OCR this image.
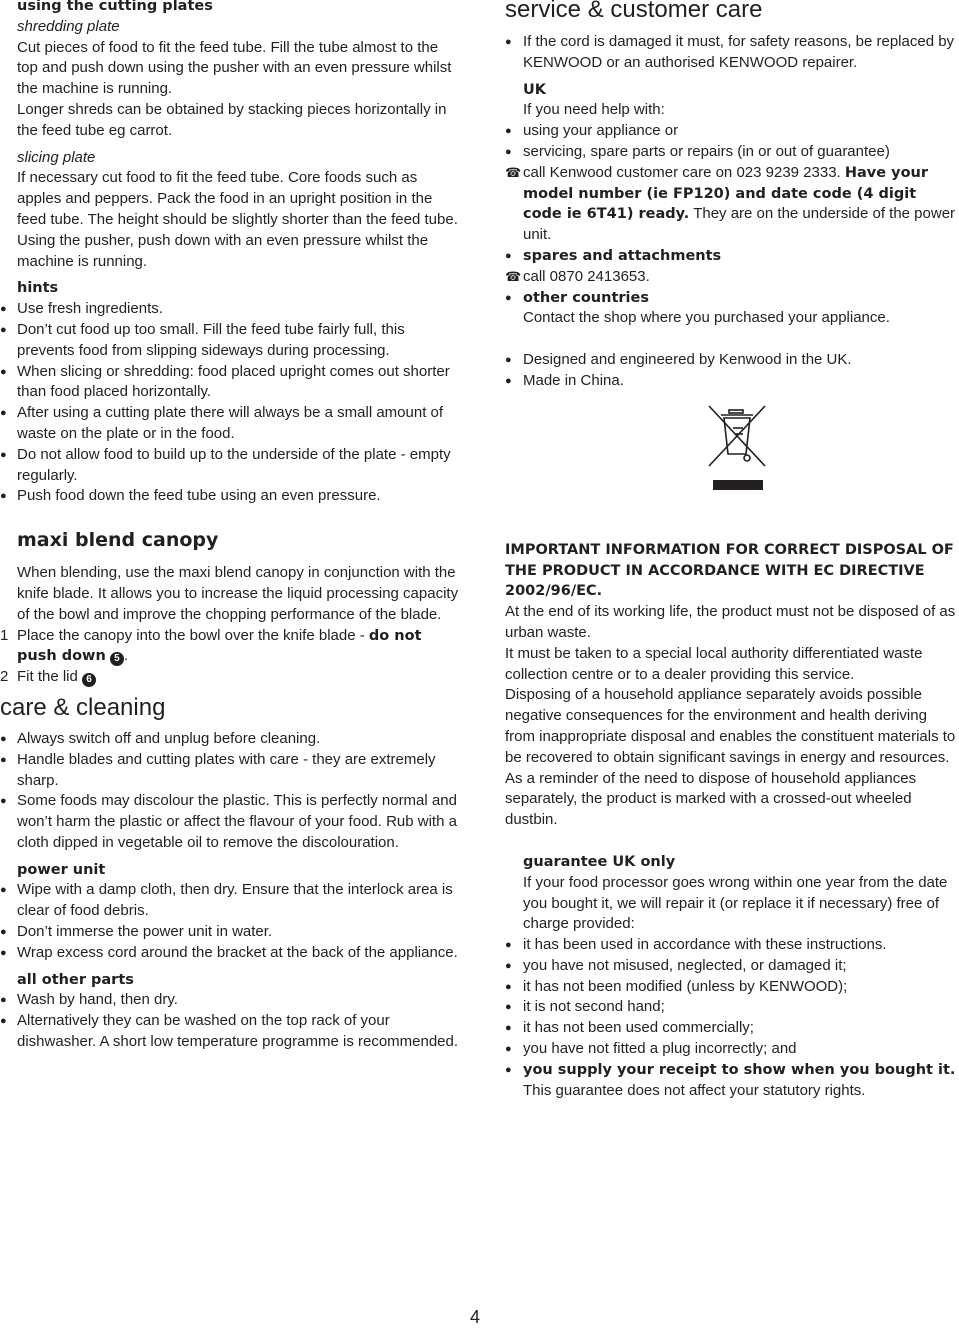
using the cutting plates

shredding plate

Cut pieces of food to fit the feed tube. Fill the tube almost to the top and push down using the pusher with an even pressure whilst the machine is running.

Longer shreds can be obtained by stacking pieces horizontally in the feed tube eg carrot.

slicing plate

If necessary cut food to fit the feed tube. Core foods such as apples and peppers. Pack the food in an upright position in the feed tube. The height should be slightly shorter than the feed tube. Using the pusher, push down with an even pressure whilst the machine is running.

hints

● Use fresh ingredients.

● Don’t cut food up too small. Fill the feed tube fairly full, this prevents food from slipping sideways during processing.

● When slicing or shredding: food placed upright comes out shorter than food placed horizontally.

● After using a cutting plate there will always be a small amount of waste on the plate or in the food.

● Do not allow food to build up to the underside of the plate - empty regularly.

● Push food down the feed tube using an even pressure.

maxi blend canopy

When blending, use the maxi blend canopy in conjunction with the knife blade. It allows you to increase the liquid processing capacity of the bowl and improve the chopping performance of the blade.

1 Place the canopy into the bowl over the knife blade - do not push down 5 .

2 Fit the lid 6

care & cleaning

● Always switch off and unplug before cleaning.

● Handle blades and cutting plates with care - they are extremely sharp.

● Some foods may discolour the plastic. This is perfectly normal and won’t harm the plastic or affect the flavour of your food. Rub with a cloth dipped in vegetable oil to remove the discolouration.

power unit

● Wipe with a damp cloth, then dry. Ensure that the interlock area is clear of food debris.

● Don’t immerse the power unit in water.

● Wrap excess cord around the bracket at the back of the appliance.

all other parts

● Wash by hand, then dry.

● Alternatively they can be washed on the top rack of your dishwasher. A short low temperature programme is recommended.

service & customer care

● If the cord is damaged it must, for safety reasons, be replaced by KENWOOD or an authorised KENWOOD repairer.

UK

If you need help with:

● using your appliance or

● servicing, spare parts or repairs (in or out of guarantee)

☎ call Kenwood customer care on 023 9239 2333. Have your model number (ie FP120) and date code (4 digit code ie 6T41) ready. They are on the underside of the power unit.

● spares and attachments

☎ call 0870 2413653.

● other countries

Contact the shop where you purchased your appliance.

● Designed and engineered by Kenwood in the UK.

● Made in China.

IMPORTANT INFORMATION FOR CORRECT DISPOSAL OF THE PRODUCT IN ACCORDANCE WITH EC DIRECTIVE 2002/96/EC.

At the end of its working life, the product must not be disposed of as urban waste.

It must be taken to a special local authority differentiated waste collection centre or to a dealer providing this service.

Disposing of a household appliance separately avoids possible negative consequences for the environment and health deriving from inappropriate disposal and enables the constituent materials to be recovered to obtain significant savings in energy and resources. As a reminder of the need to dispose of household appliances separately, the product is marked with a crossed-out wheeled dustbin.

guarantee UK only

If your food processor goes wrong within one year from the date you bought it, we will repair it (or replace it if necessary) free of charge provided:

● it has been used in accordance with these instructions.

● you have not misused, neglected, or damaged it;

● it has not been modified (unless by KENWOOD);

● it is not second hand;

● it has not been used commercially;

● you have not fitted a plug incorrectly; and

● you supply your receipt to show when you bought it.

This guarantee does not affect your statutory rights.

4
